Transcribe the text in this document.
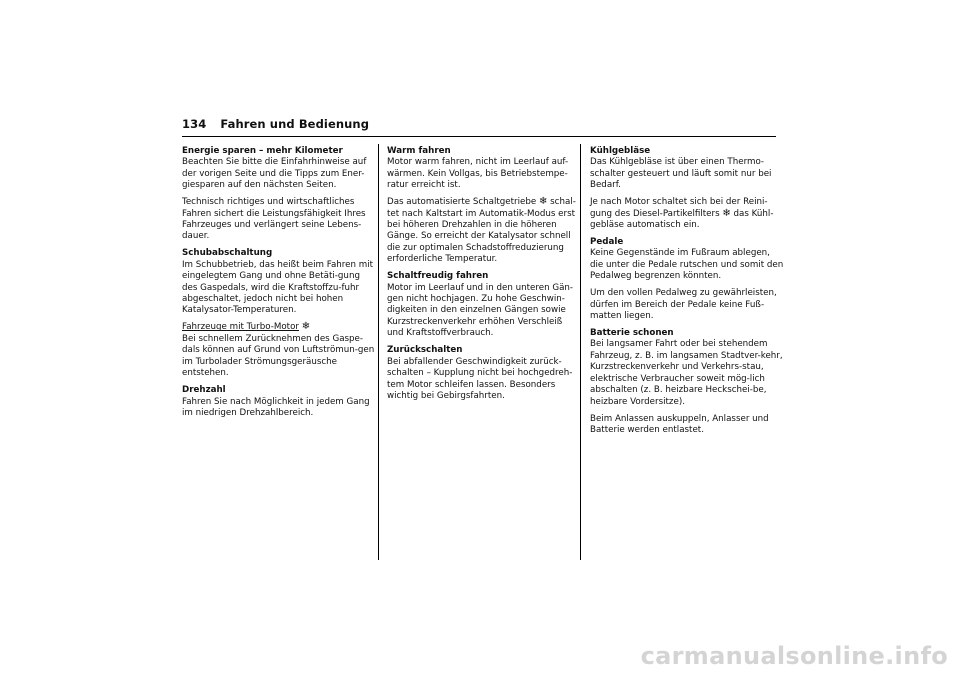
134 Fahren und Bedienung

Energie sparen – mehr Kilometer
Beachten Sie bitte die Einfahrhinweise auf der vorigen Seite und die Tipps zum Ener-giesparen auf den nächsten Seiten.

Technisch richtiges und wirtschaftliches Fahren sichert die Leistungsfähigkeit Ihres Fahrzeuges und verlängert seine Lebens-dauer.

Schubabschaltung
Im Schubbetrieb, das heißt beim Fahren mit eingelegtem Gang und ohne Betäti-gung des Gaspedals, wird die Kraftstoffzu-fuhr abgeschaltet, jedoch nicht bei hohen Katalysator-Temperaturen.

Fahrzeuge mit Turbo-Motor ❄
Bei schnellem Zurücknehmen des Gaspe-dals können auf Grund von Luftströmun-gen im Turbolader Strömungsgeräusche entstehen.

Drehzahl
Fahren Sie nach Möglichkeit in jedem Gang im niedrigen Drehzahlbereich.

Warm fahren
Motor warm fahren, nicht im Leerlauf auf-wärmen. Kein Vollgas, bis Betriebstempe-ratur erreicht ist.

Das automatisierte Schaltgetriebe ❄ schal-tet nach Kaltstart im Automatik-Modus erst bei höheren Drehzahlen in die höheren Gänge. So erreicht der Katalysator schnell die zur optimalen Schadstoffreduzierung erforderliche Temperatur.

Schaltfreudig fahren
Motor im Leerlauf und in den unteren Gän-gen nicht hochjagen. Zu hohe Geschwin-digkeiten in den einzelnen Gängen sowie Kurzstreckenverkehr erhöhen Verschleiß und Kraftstoffverbrauch.

Zurückschalten
Bei abfallender Geschwindigkeit zurück-schalten – Kupplung nicht bei hochgedreh-tem Motor schleifen lassen. Besonders wichtig bei Gebirgsfahrten.

Kühlgebläse
Das Kühlgebläse ist über einen Thermo-schalter gesteuert und läuft somit nur bei Bedarf.

Je nach Motor schaltet sich bei der Reini-gung des Diesel-Partikelfilters ❄ das Kühl-gebläse automatisch ein.

Pedale
Keine Gegenstände im Fußraum ablegen, die unter die Pedale rutschen und somit den Pedalweg begrenzen könnten.

Um den vollen Pedalweg zu gewährleisten, dürfen im Bereich der Pedale keine Fuß-matten liegen.

Batterie schonen
Bei langsamer Fahrt oder bei stehendem Fahrzeug, z. B. im langsamen Stadtver-kehr, Kurzstreckenverkehr und Verkehrs-stau, elektrische Verbraucher soweit mög-lich abschalten (z. B. heizbare Heckschei-be, heizbare Vordersitze).

Beim Anlassen auskuppeln, Anlasser und Batterie werden entlastet.

carmanualsonline.info
